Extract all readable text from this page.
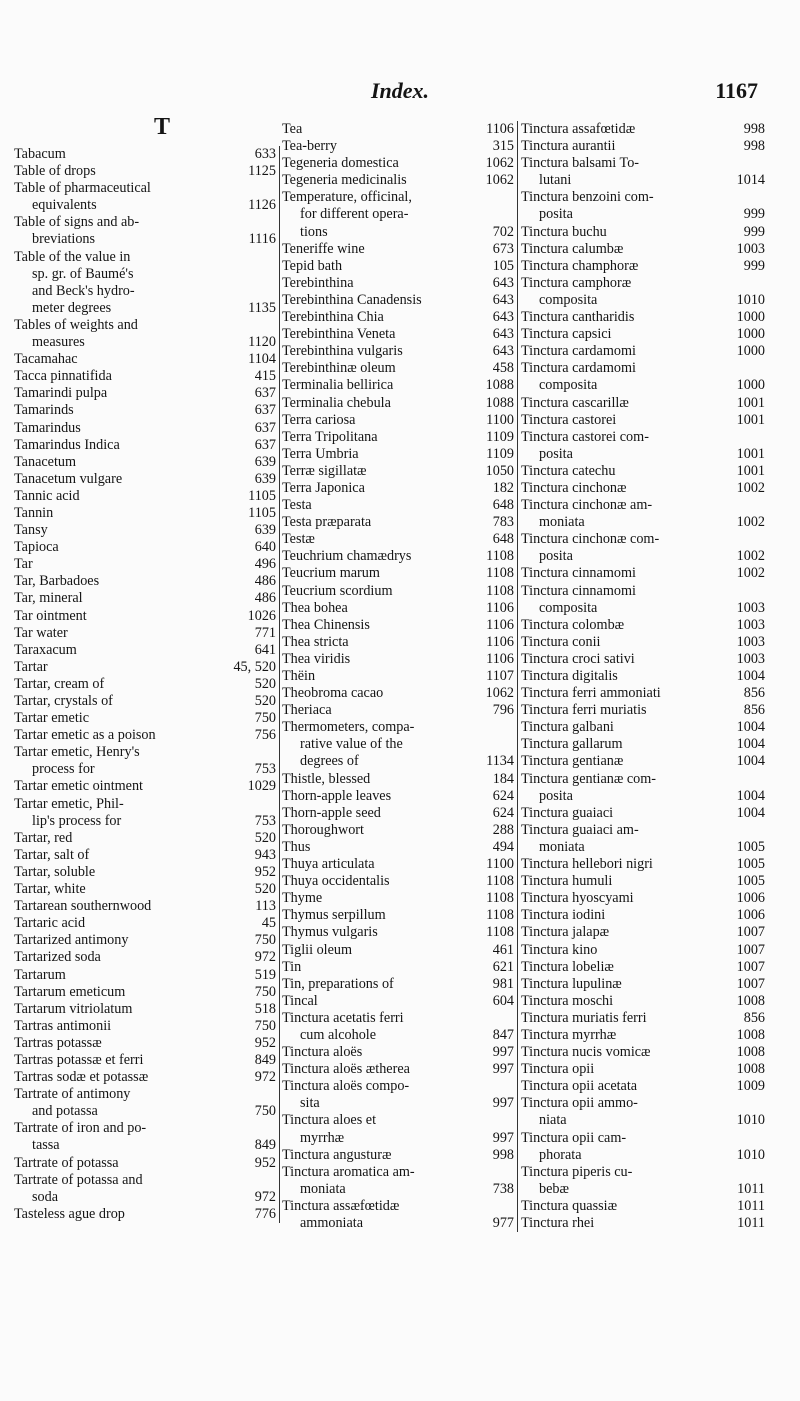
Index.	1167
T
Tabacum	633
Table of drops	1125
Table of pharmaceutical
equivalents	1126
Table of signs and ab-
breviations	1116
Table of the value in
sp. gr. of Baumé's
and Beck's hydro-
meter degrees	1135
Tables of weights and
measures	1120
Tacamahac	1104
Tacca pinnatifida	415
Tamarindi pulpa	637
Tamarinds	637
Tamarindus	637
Tamarindus Indica	637
Tanacetum	639
Tanacetum vulgare	639
Tannic acid	1105
Tannin	1105
Tansy	639
Tapioca	640
Tar	496
Tar, Barbadoes	486
Tar, mineral	486
Tar ointment	1026
Tar water	771
Taraxacum	641
Tartar	45, 520
Tartar, cream of	520
Tartar, crystals of	520
Tartar emetic	750
Tartar emetic as a poison	756
Tartar emetic, Henry's
process for	753
Tartar emetic ointment	1029
Tartar emetic, Phil-
lip's process for	753
Tartar, red	520
Tartar, salt of	943
Tartar, soluble	952
Tartar, white	520
Tartarean southernwood	113
Tartaric acid	45
Tartarized antimony	750
Tartarized soda	972
Tartarum	519
Tartarum emeticum	750
Tartarum vitriolatum	518
Tartras antimonii	750
Tartras potassæ	952
Tartras potassæ et ferri	849
Tartras sodæ et potassæ	972
Tartrate of antimony
and potassa	750
Tartrate of iron and po-
tassa	849
Tartrate of potassa	952
Tartrate of potassa and
soda	972
Tasteless ague drop	776
Tea	1106
Tea-berry	315
Tegeneria domestica	1062
Tegeneria medicinalis	1062
Temperature, officinal,
for different opera-
tions	702
Teneriffe wine	673
Tepid bath	105
Terebinthina	643
Terebinthina Canadensis	643
Terebinthina Chia	643
Terebinthina Veneta	643
Terebinthina vulgaris	643
Terebinthinæ oleum	458
Terminalia bellirica	1088
Terminalia chebula	1088
Terra cariosa	1100
Terra Tripolitana	1109
Terra Umbria	1109
Terræ sigillatæ	1050
Terra Japonica	182
Testa	648
Testa præparata	783
Testæ	648
Teuchrium chamædrys	1108
Teucrium marum	1108
Teucrium scordium	1108
Thea bohea	1106
Thea Chinensis	1106
Thea stricta	1106
Thea viridis	1106
Thëin	1107
Theobroma cacao	1062
Theriaca	796
Thermometers, compa-
rative value of the
degrees of	1134
Thistle, blessed	184
Thorn-apple leaves	624
Thorn-apple seed	624
Thoroughwort	288
Thus	494
Thuya articulata	1100
Thuya occidentalis	1108
Thyme	1108
Thymus serpillum	1108
Thymus vulgaris	1108
Tiglii oleum	461
Tin	621
Tin, preparations of	981
Tincal	604
Tinctura acetatis ferri
cum alcohole	847
Tinctura aloës	997
Tinctura aloës ætherea	997
Tinctura aloës compo-
sita	997
Tinctura aloes et
myrrhæ	997
Tinctura angusturæ	998
Tinctura aromatica am-
moniata	738
Tinctura assæfœtidæ
ammoniata	977
Tinctura assafœtidæ	998
Tinctura aurantii	998
Tinctura balsami To-
lutani	1014
Tinctura benzoini com-
posita	999
Tinctura buchu	999
Tinctura calumbæ	1003
Tinctura champhoræ	999
Tinctura camphoræ
composita	1010
Tinctura cantharidis	1000
Tinctura capsici	1000
Tinctura cardamomi	1000
Tinctura cardamomi
composita	1000
Tinctura cascarillæ	1001
Tinctura castorei	1001
Tinctura castorei com-
posita	1001
Tinctura catechu	1001
Tinctura cinchonæ	1002
Tinctura cinchonæ am-
moniata	1002
Tinctura cinchonæ com-
posita	1002
Tinctura cinnamomi	1002
Tinctura cinnamomi
composita	1003
Tinctura colombæ	1003
Tinctura conii	1003
Tinctura croci sativi	1003
Tinctura digitalis	1004
Tinctura ferri ammoniati	856
Tinctura ferri muriatis	856
Tinctura galbani	1004
Tinctura gallarum	1004
Tinctura gentianæ	1004
Tinctura gentianæ com-
posita	1004
Tinctura guaiaci	1004
Tinctura guaiaci am-
moniata	1005
Tinctura hellebori nigri	1005
Tinctura humuli	1005
Tinctura hyoscyami	1006
Tinctura iodini	1006
Tinctura jalapæ	1007
Tinctura kino	1007
Tinctura lobeliæ	1007
Tinctura lupulinæ	1007
Tinctura moschi	1008
Tinctura muriatis ferri	856
Tinctura myrrhæ	1008
Tinctura nucis vomicæ	1008
Tinctura opii	1008
Tinctura opii acetata	1009
Tinctura opii ammo-
niata	1010
Tinctura opii cam-
phorata	1010
Tinctura piperis cu-
bebæ	1011
Tinctura quassiæ	1011
Tinctura rhei	1011
